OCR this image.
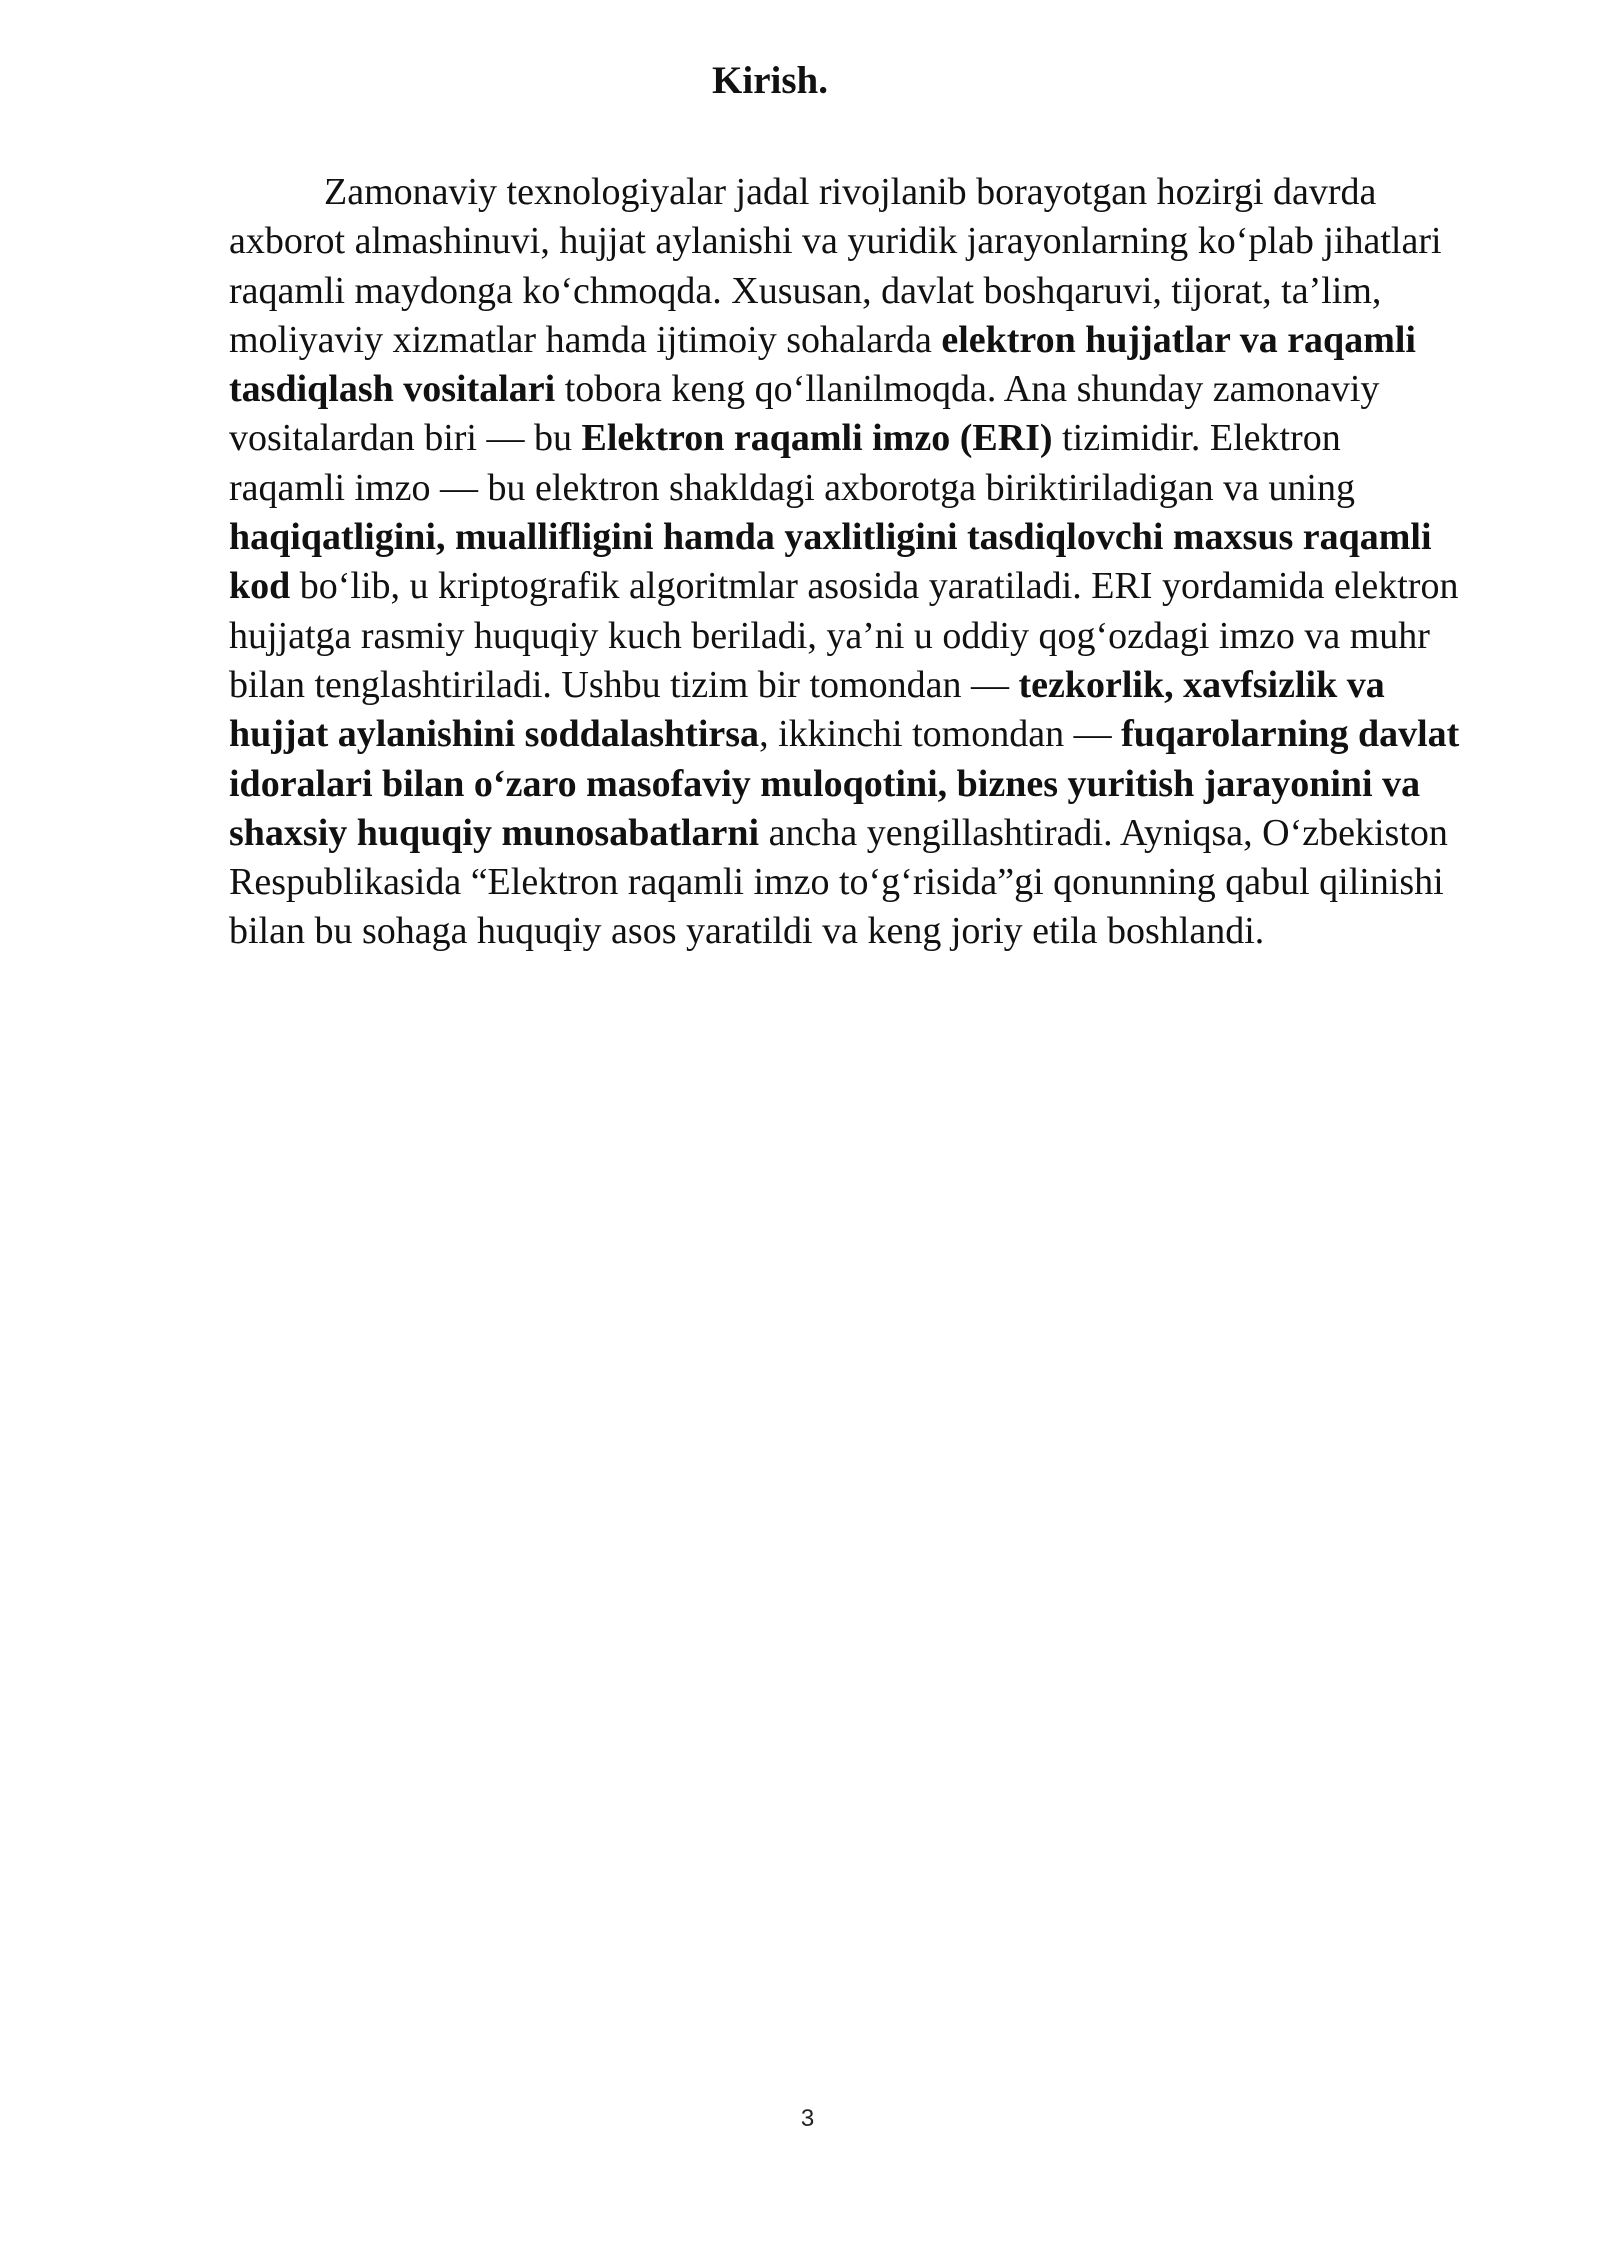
Kirish.

Zamonaviy texnologiyalar jadal rivojlanib borayotgan hozirgi davrda axborot almashinuvi, hujjat aylanishi va yuridik jarayonlarning ko‘plab jihatlari raqamli maydonga ko‘chmoqda. Xususan, davlat boshqaruvi, tijorat, ta’lim, moliyaviy xizmatlar hamda ijtimoiy sohalarda elektron hujjatlar va raqamli tasdiqlash vositalari tobora keng qo‘llanilmoqda. Ana shunday zamonaviy vositalardan biri — bu Elektron raqamli imzo (ERI) tizimidir. Elektron raqamli imzo — bu elektron shakldagi axborotga biriktiriladigan va uning haqiqatligini, muallifligini hamda yaxlitligini tasdiqlovchi maxsus raqamli kod bo‘lib, u kriptografik algoritmlar asosida yaratiladi. ERI yordamida elektron hujjatga rasmiy huquqiy kuch beriladi, ya’ni u oddiy qog‘ozdagi imzo va muhr bilan tenglashtiriladi. Ushbu tizim bir tomondan — tezkorlik, xavfsizlik va hujjat aylanishini soddalashtirsa, ikkinchi tomondan — fuqarolarning davlat idoralari bilan o‘zaro masofaviy muloqotini, biznes yuritish jarayonini va shaxsiy huquqiy munosabatlarni ancha yengillashtiradi. Ayniqsa, O‘zbekiston Respublikasida “Elektron raqamli imzo to‘g‘risida”gi qonunning qabul qilinishi bilan bu sohaga huquqiy asos yaratildi va keng joriy etila boshlandi.

3
